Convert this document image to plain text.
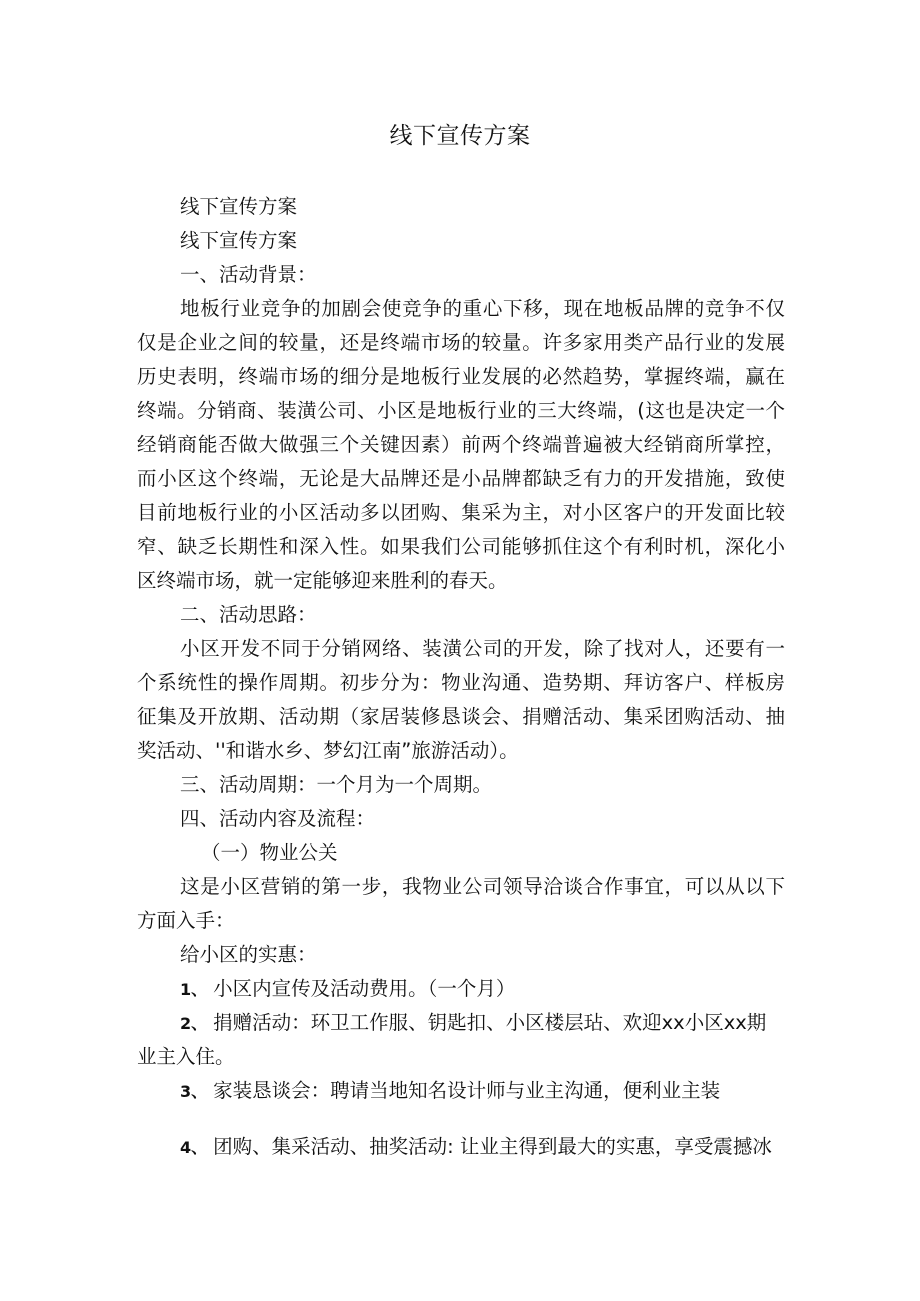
线下宣传方案
线下宣传方案
线下宣传方案
一、活动背景：
地板行业竞争的加剧会使竞争的重心下移，现在地板品牌的竞争不仅
仅是企业之间的较量，还是终端市场的较量。许多家用类产品行业的发展
历史表明，终端市场的细分是地板行业发展的必然趋势，掌握终端，赢在
终端。分销商、装潢公司、小区是地板行业的三大终端，(这也是决定一个
经销商能否做大做强三个关键因素）前两个终端普遍被大经销商所掌控，
而小区这个终端，无论是大品牌还是小品牌都缺乏有力的开发措施，致使
目前地板行业的小区活动多以团购、集采为主，对小区客户的开发面比较
窄、缺乏长期性和深入性。如果我们公司能够抓住这个有利时机，深化小
区终端市场，就一定能够迎来胜利的春天。
二、活动思路：
小区开发不同于分销网络、装潢公司的开发，除了找对人，还要有一
个系统性的操作周期。初步分为：物业沟通、造势期、拜访客户、样板房
征集及开放期、活动期（家居装修恳谈会、捐赠活动、集采团购活动、抽
奖活动、''和谐水乡、梦幻江南”旅游活动）。
三、活动周期：一个月为一个周期。
四、活动内容及流程：
（一）物业公关
这是小区营销的第一步，我物业公司领导洽谈合作事宜，可以从以下
方面入手：
给小区的实惠：
1、 小区内宣传及活动费用。（一个月）
2、 捐赠活动：环卫工作服、钥匙扣、小区楼层玷、欢迎xx小区xx期
业主入住。
3、 家装恳谈会：聘请当地知名设计师与业主沟通，便利业主装
4、 团购、集采活动、抽奖活动: 让业主得到最大的实惠，享受震撼冰
